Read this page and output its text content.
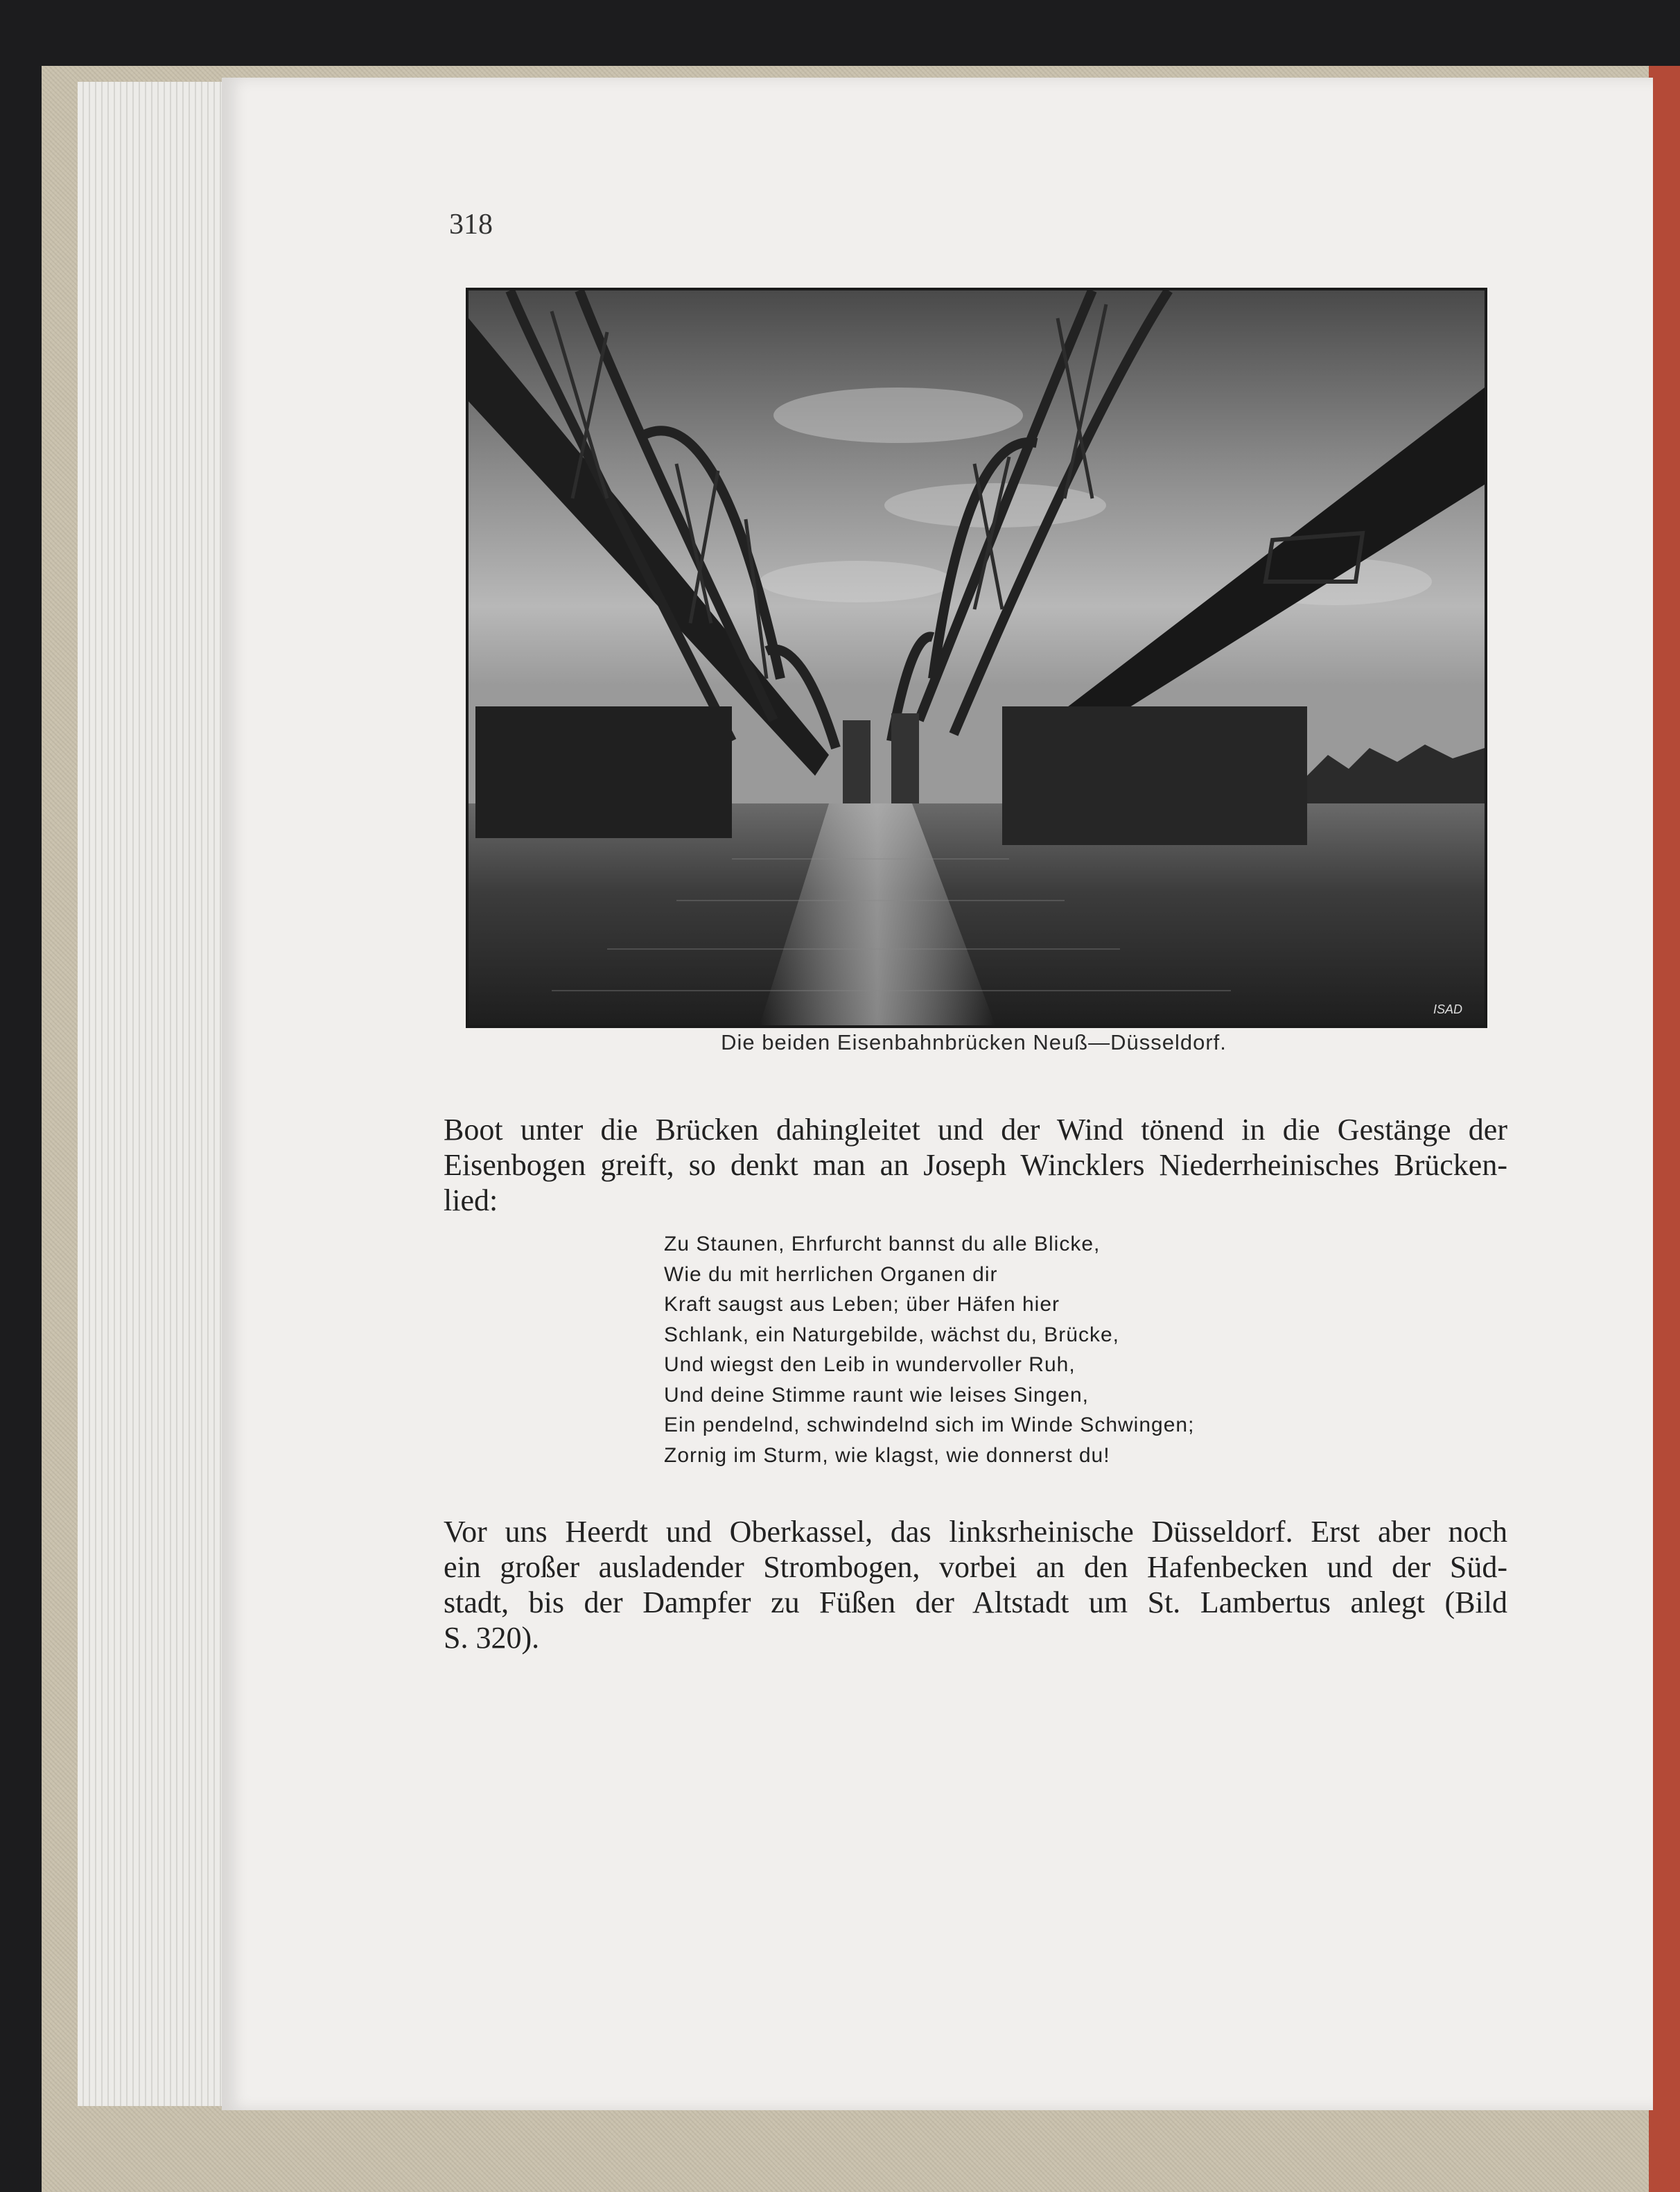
318
ISAD
Die beiden Eisenbahnbrücken Neuß—Düsseldorf.
Boot unter die Brücken dahingleitet und der Wind tönend in die Gestänge der
Eisenbogen greift, so denkt man an Joseph Wincklers Niederrheinisches Brücken-
lied:
Zu Staunen, Ehrfurcht bannst du alle Blicke,
Wie du mit herrlichen Organen dir
Kraft saugst aus Leben; über Häfen hier
Schlank, ein Naturgebilde, wächst du, Brücke,
Und wiegst den Leib in wundervoller Ruh,
Und deine Stimme raunt wie leises Singen,
Ein pendelnd, schwindelnd sich im Winde Schwingen;
Zornig im Sturm, wie klagst, wie donnerst du!
Vor uns Heerdt und Oberkassel, das linksrheinische Düsseldorf. Erst aber noch
ein großer ausladender Strombogen, vorbei an den Hafenbecken und der Süd-
stadt, bis der Dampfer zu Füßen der Altstadt um St. Lambertus anlegt (Bild
S. 320).
